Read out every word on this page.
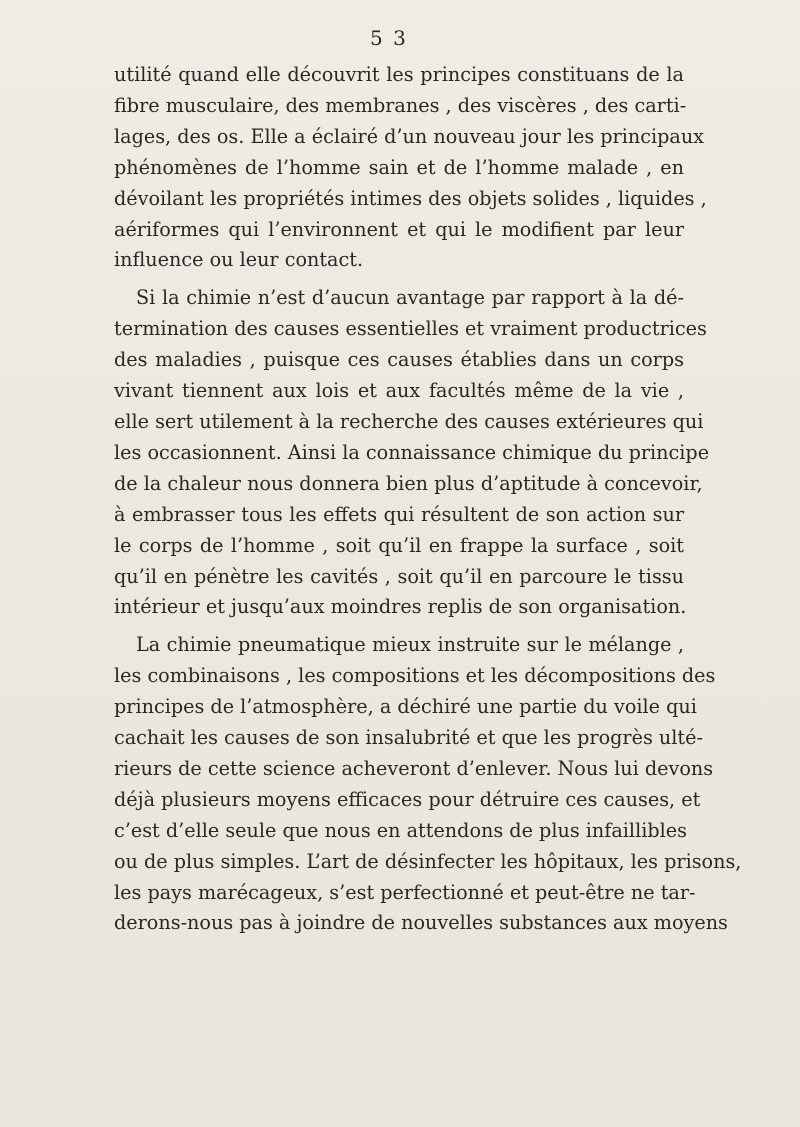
5 3

utilité quand elle découvrit les principes constituans de la
fibre musculaire, des membranes , des viscères , des carti-
lages, des os. Elle a éclairé d’un nouveau jour les principaux
phénomènes de l’homme sain et de l’homme malade , en
dévoilant les propriétés intimes des objets solides , liquides ,
aériformes qui l’environnent et qui le modifient par leur
influence ou leur contact.

Si la chimie n’est d’aucun avantage par rapport à la dé-
termination des causes essentielles et vraiment productrices
des maladies , puisque ces causes établies dans un corps
vivant tiennent aux lois et aux facultés même de la vie ,
elle sert utilement à la recherche des causes extérieures qui
les occasionnent. Ainsi la connaissance chimique du principe
de la chaleur nous donnera bien plus d’aptitude à concevoir,
à embrasser tous les effets qui résultent de son action sur
le corps de l’homme , soit qu’il en frappe la surface , soit
qu’il en pénètre les cavités , soit qu’il en parcoure le tissu
intérieur et jusqu’aux moindres replis de son organisation.

La chimie pneumatique mieux instruite sur le mélange ,
les combinaisons , les compositions et les décompositions des
principes de l’atmosphère, a déchiré une partie du voile qui
cachait les causes de son insalubrité et que les progrès ulté-
rieurs de cette science acheveront d’enlever. Nous lui devons
déjà plusieurs moyens efficaces pour détruire ces causes, et
c’est d’elle seule que nous en attendons de plus infaillibles
ou de plus simples. L’art de désinfecter les hôpitaux, les prisons,
les pays marécageux, s’est perfectionné et peut-être ne tar-
derons-nous pas à joindre de nouvelles substances aux moyens
